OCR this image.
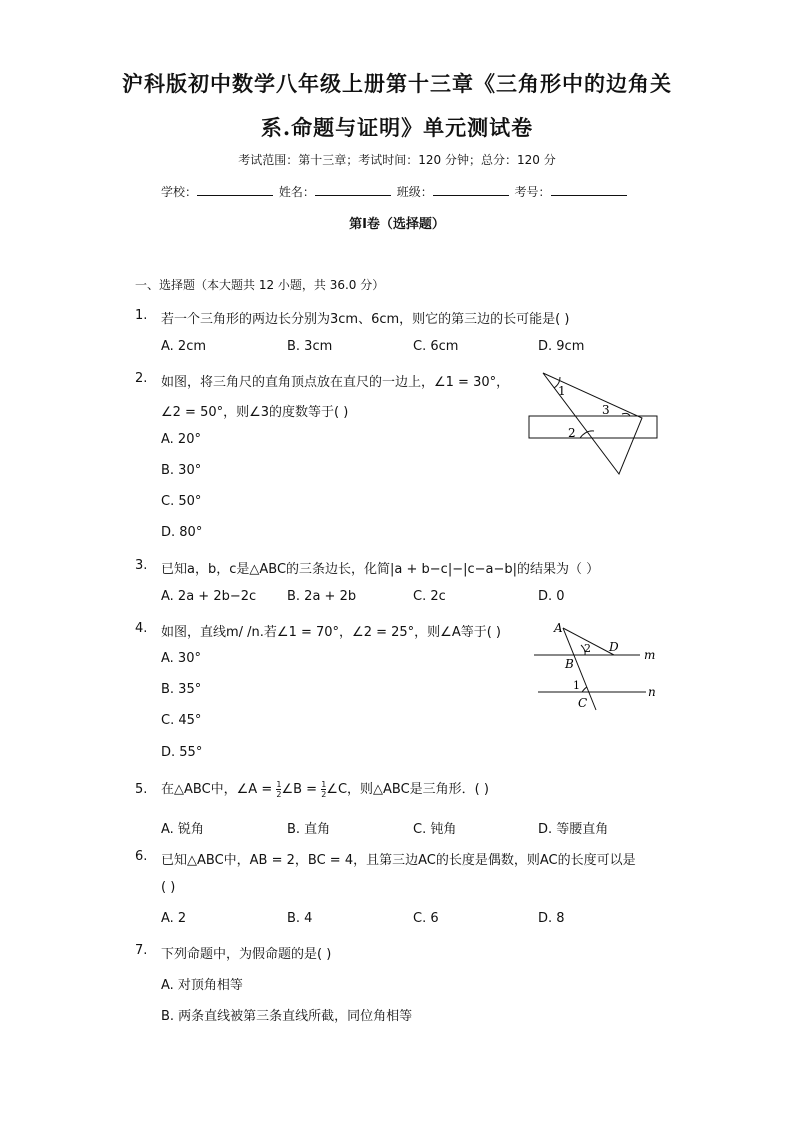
沪科版初中数学八年级上册第十三章《三角形中的边角关
系.命题与证明》单元测试卷
考试范围：第十三章；考试时间：120 分钟；总分：120 分
学校：	姓名：	班级：	考号：
第Ⅰ卷（选择题）
一、选择题（本大题共 12 小题，共 36.0 分）
1. 若一个三角形的两边长分别为3cm、6cm，则它的第三边的长可能是( )
A. 2cm	B. 3cm	C. 6cm	D. 9cm
2. 如图，将三角尺的直角顶点放在直尺的一边上，∠1 = 30°，
∠2 = 50°，则∠3的度数等于( )
A. 20°
B. 30°
C. 50°
D. 80°
1
2
3
3. 已知a，b，c是△ABC的三条边长，化简|a + b−c|−|c−a−b|的结果为（ ）
A. 2a + 2b−2c B. 2a + 2b	C. 2c	D. 0
4. 如图，直线m/ /n.若∠1 = 70°，∠2 = 25°，则∠A等于( )
A. 30°
B. 35°
C. 45°
D. 55°
A
2 D
m
B
1	n
C
5. 在△ABC中，∠A = $\frac{1}{2}$ ∠B = $\frac{1}{2}$ ∠C，则△ABC是三角形．( )
A. 锐角	B. 直角	C. 钝角	D. 等腰直角
6. 已知△ABC中，AB = 2，BC = 4，且第三边AC的长度是偶数，则AC的长度可以是
( )
A. 2	B. 4	C. 6	D. 8
7. 下列命题中，为假命题的是( )
A. 对顶角相等
B. 两条直线被第三条直线所截，同位角相等
